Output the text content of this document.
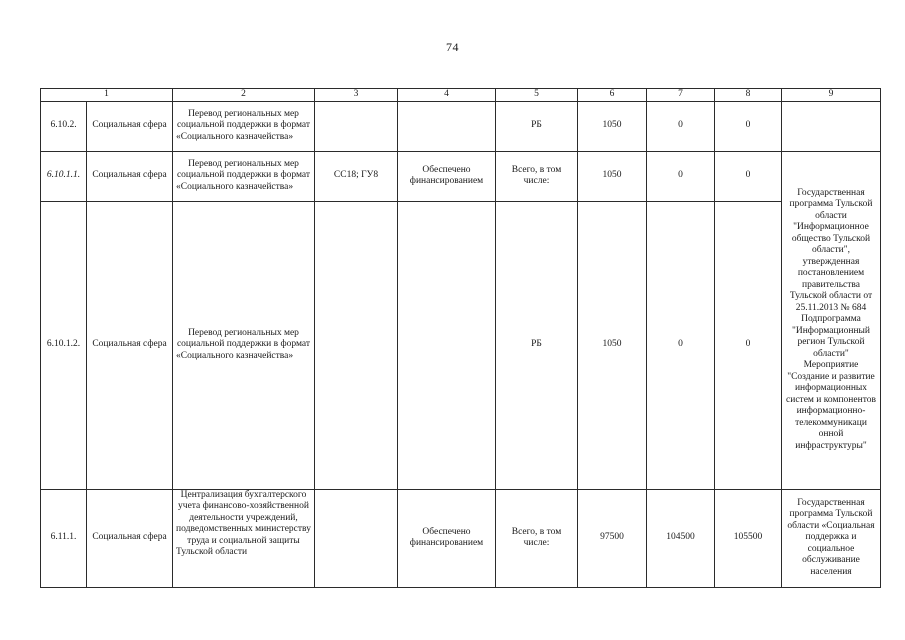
74
1		2	3	4	5	6	7	8	9
6.10.2.	Социальная сфера	Перевод региональных мер социальной поддержки в формат «Социального казначейства»			РБ	1050	0	0	
6.10.1.1.	Социальная сфера	Перевод региональных мер социальной поддержки в формат «Социального казначейства»	СС18; ГУ8	Обеспечено финансированием	Всего, в том числе:	1050	0	0	Государственная программа Тульской области "Информационное общество Тульской области", утвержденная постановлением правительства Тульской области от 25.11.2013 № 684 Подпрограмма "Информационный регион Тульской области" Мероприятие "Создание и развитие информационных систем и компонентов информационно-телекоммуникаци онной инфраструктуры"
6.10.1.2.	Социальная сфера	Перевод региональных мер социальной поддержки в формат «Социального казначейства»			РБ	1050	0	0	
6.11.1.	Социальная сфера	Централизация бухгалтерского учета финансово-хозяйственной деятельности учреждений, подведомственных министерству труда и социальной защиты Тульской области		Обеспечено финансированием	Всего, в том числе:	97500	104500	105500	Государственная программа Тульской области «Социальная поддержка и социальное обслуживание населения
